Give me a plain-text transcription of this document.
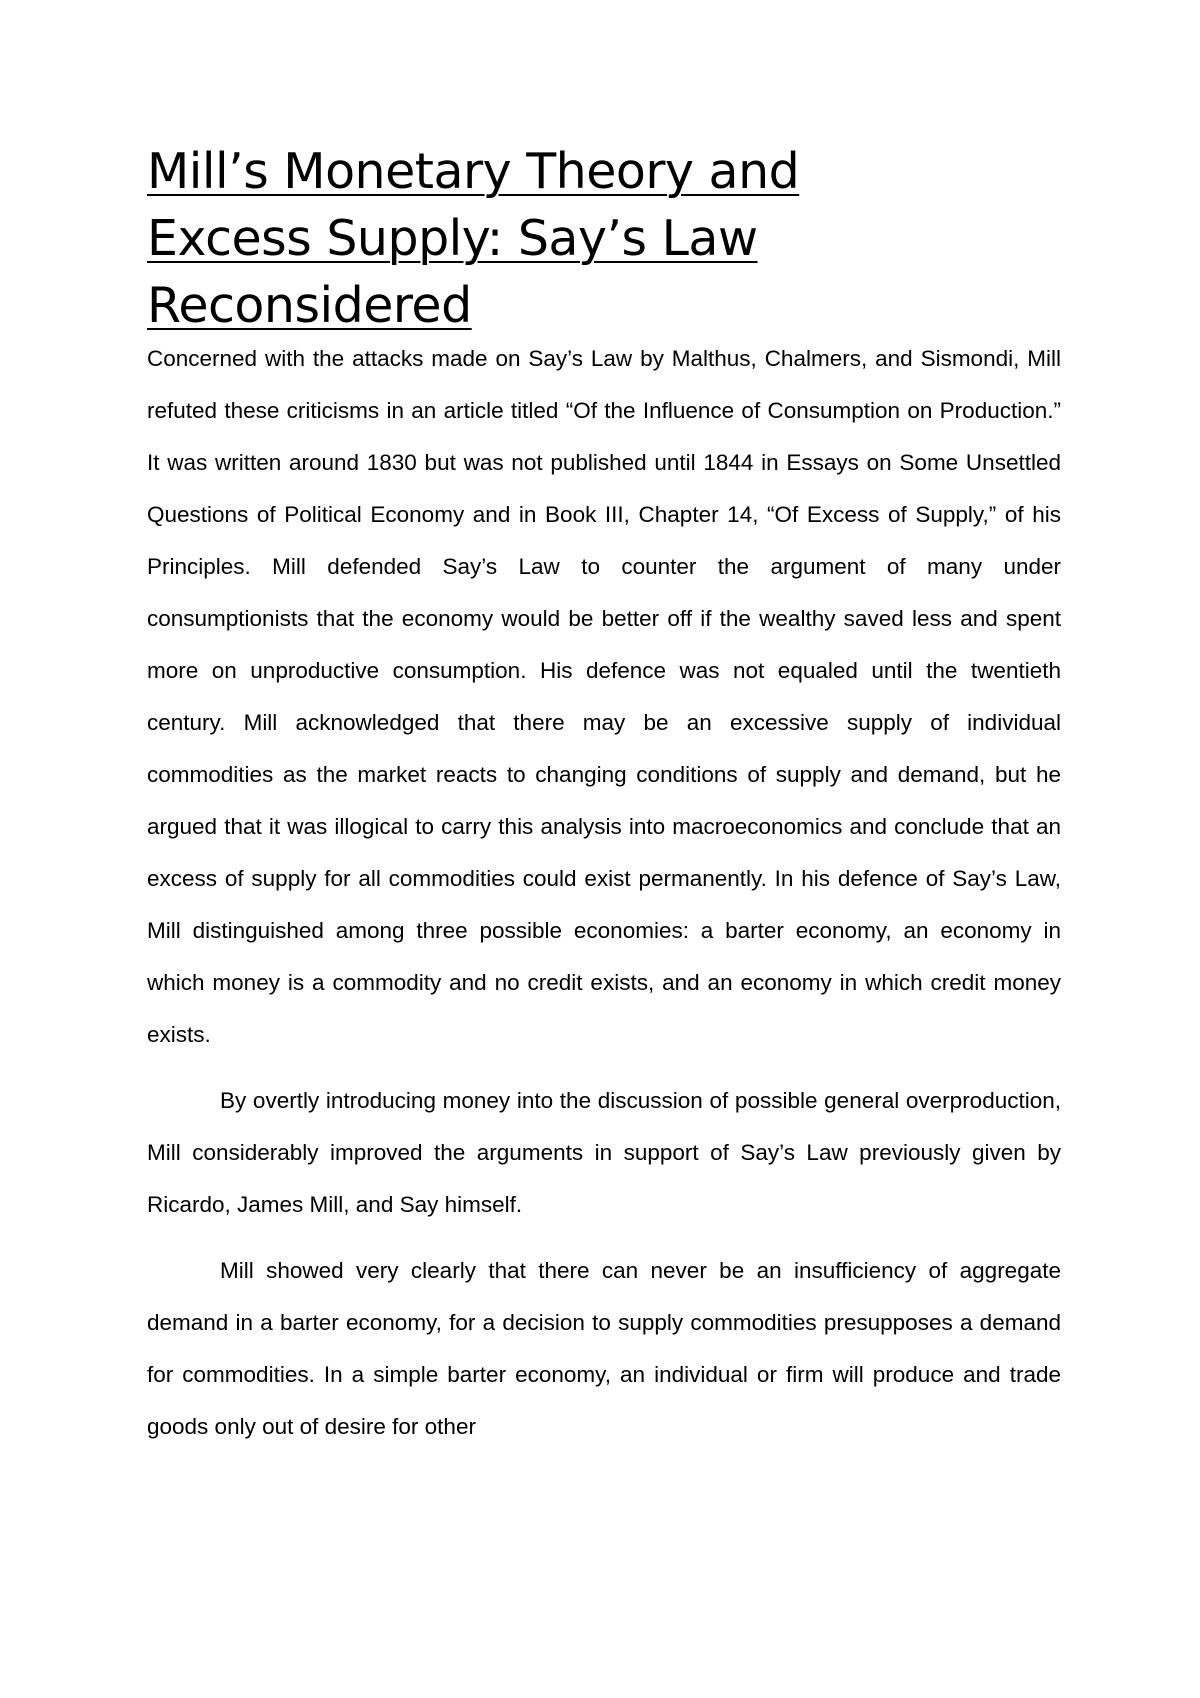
Mill’s Monetary Theory and
Excess Supply: Say’s Law
Reconsidered

Concerned with the attacks made on Say’s Law by Malthus, Chalmers, and Sismondi, Mill refuted these criticisms in an article titled “Of the Influence of Consumption on Production.” It was written around 1830 but was not published until 1844 in Essays on Some Unsettled Questions of Political Economy and in Book III, Chapter 14, “Of Excess of Supply,” of his Principles. Mill defended Say’s Law to counter the argument of many under consumptionists that the economy would be better off if the wealthy saved less and spent more on unproductive consumption. His defence was not equaled until the twentieth century. Mill acknowledged that there may be an excessive supply of individual commodities as the market reacts to changing conditions of supply and demand, but he argued that it was illogical to carry this analysis into macroeconomics and conclude that an excess of supply for all commodities could exist permanently. In his defence of Say’s Law, Mill distinguished among three possible economies: a barter economy, an economy in which money is a commodity and no credit exists, and an economy in which credit money exists.

By overtly introducing money into the discussion of possible general overproduction, Mill considerably improved the arguments in support of Say’s Law previously given by Ricardo, James Mill, and Say himself.

Mill showed very clearly that there can never be an insufficiency of aggregate demand in a barter economy, for a decision to supply commodities presupposes a demand for commodities. In a simple barter economy, an individual or firm will produce and trade goods only out of desire for other
